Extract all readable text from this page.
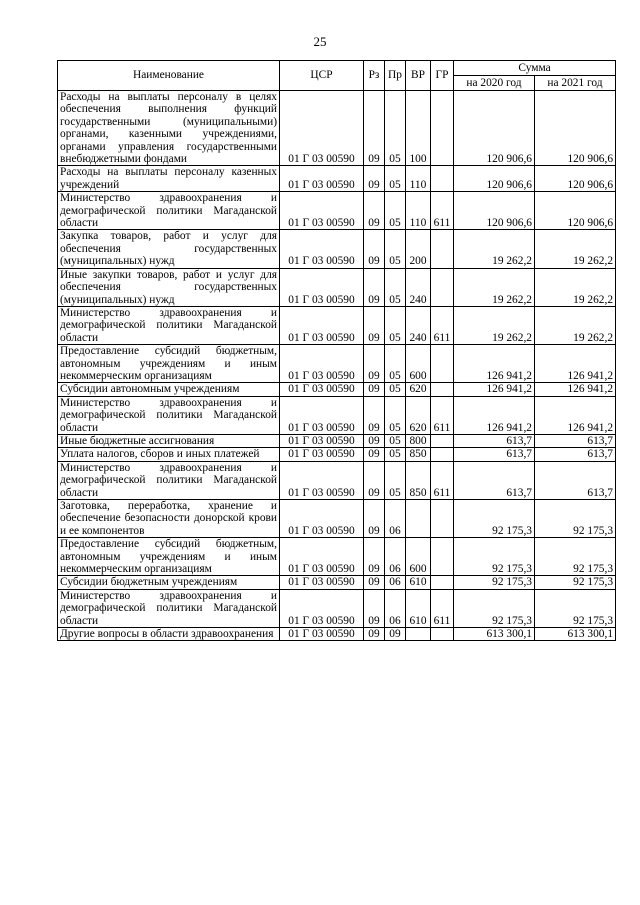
25
Наименование	ЦСР	Рз	Пр	ВР	ГР	Сумма	
						на 2020 год	на 2021 год
Расходы на выплаты персоналу в целях обеспечения выполнения функций государственными (муниципальными) органами, казенными учреждениями, органами управления государственными внебюджетными фондами	01 Г 03 00590	09	05	100		120 906,6	120 906,6
Расходы на выплаты персоналу казенных учреждений	01 Г 03 00590	09	05	110		120 906,6	120 906,6
Министерство здравоохранения и демографической политики Магаданской области	01 Г 03 00590	09	05	110	611	120 906,6	120 906,6
Закупка товаров, работ и услуг для обеспечения государственных (муниципальных) нужд	01 Г 03 00590	09	05	200		19 262,2	19 262,2
Иные закупки товаров, работ и услуг для обеспечения государственных (муниципальных) нужд	01 Г 03 00590	09	05	240		19 262,2	19 262,2
Министерство здравоохранения и демографической политики Магаданской области	01 Г 03 00590	09	05	240	611	19 262,2	19 262,2
Предоставление субсидий бюджетным, автономным учреждениям и иным некоммерческим организациям	01 Г 03 00590	09	05	600		126 941,2	126 941,2
Субсидии автономным учреждениям	01 Г 03 00590	09	05	620		126 941,2	126 941,2
Министерство здравоохранения и демографической политики Магаданской области	01 Г 03 00590	09	05	620	611	126 941,2	126 941,2
Иные бюджетные ассигнования	01 Г 03 00590	09	05	800		613,7	613,7
Уплата налогов, сборов и иных платежей	01 Г 03 00590	09	05	850		613,7	613,7
Министерство здравоохранения и демографической политики Магаданской области	01 Г 03 00590	09	05	850	611	613,7	613,7
Заготовка, переработка, хранение и обеспечение безопасности донорской крови и ее компонентов	01 Г 03 00590	09	06			92 175,3	92 175,3
Предоставление субсидий бюджетным, автономным учреждениям и иным некоммерческим организациям	01 Г 03 00590	09	06	600		92 175,3	92 175,3
Субсидии бюджетным учреждениям	01 Г 03 00590	09	06	610		92 175,3	92 175,3
Министерство здравоохранения и демографической политики Магаданской области	01 Г 03 00590	09	06	610	611	92 175,3	92 175,3
Другие вопросы в области здравоохранения	01 Г 03 00590	09	09			613 300,1	613 300,1
